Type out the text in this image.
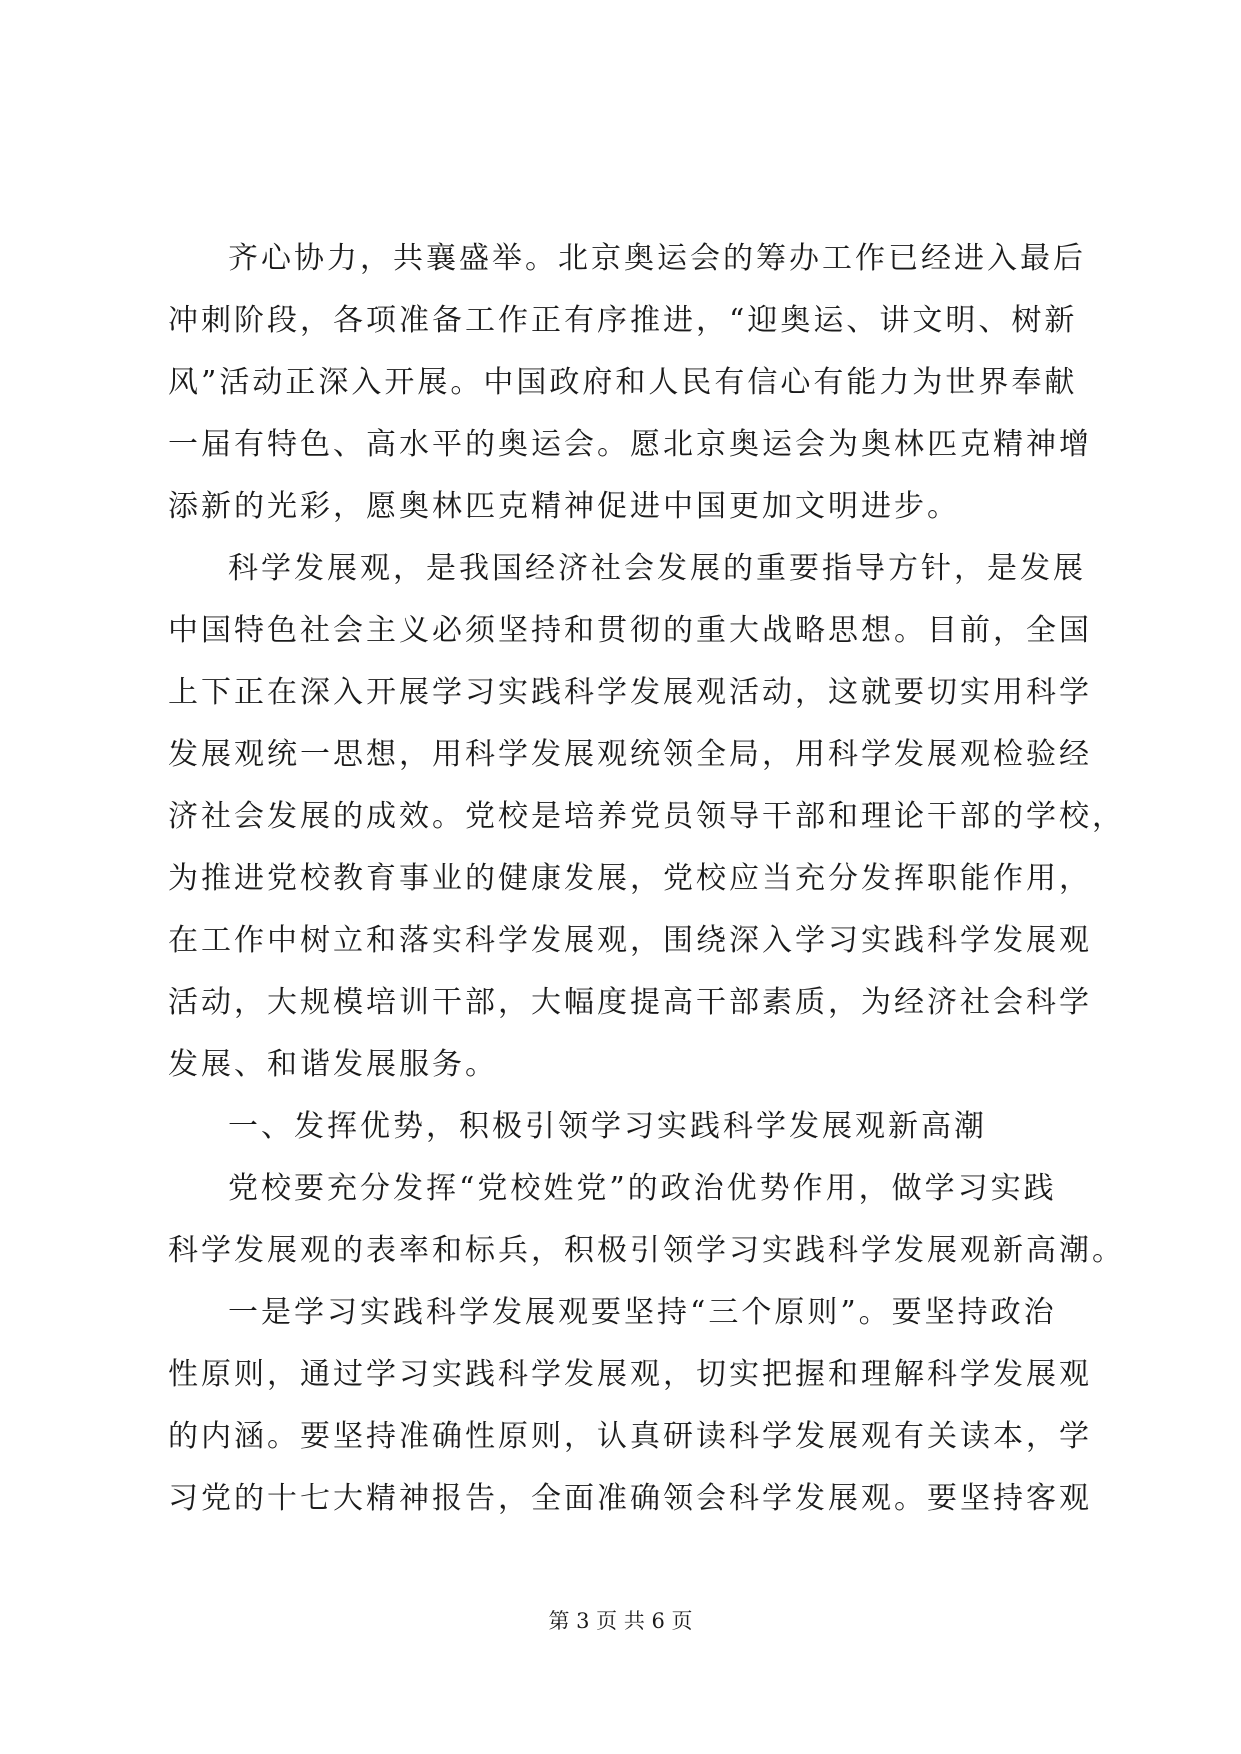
齐心协力，共襄盛举。北京奥运会的筹办工作已经进入最后
冲刺阶段，各项准备工作正有序推进，“迎奥运、讲文明、树新
风”活动正深入开展。中国政府和人民有信心有能力为世界奉献
一届有特色、高水平的奥运会。愿北京奥运会为奥林匹克精神增
添新的光彩，愿奥林匹克精神促进中国更加文明进步。
科学发展观，是我国经济社会发展的重要指导方针，是发展
中国特色社会主义必须坚持和贯彻的重大战略思想。目前，全国
上下正在深入开展学习实践科学发展观活动，这就要切实用科学
发展观统一思想，用科学发展观统领全局，用科学发展观检验经
济社会发展的成效。党校是培养党员领导干部和理论干部的学校，
为推进党校教育事业的健康发展，党校应当充分发挥职能作用，
在工作中树立和落实科学发展观，围绕深入学习实践科学发展观
活动，大规模培训干部，大幅度提高干部素质，为经济社会科学
发展、和谐发展服务。
一、发挥优势，积极引领学习实践科学发展观新高潮
党校要充分发挥“党校姓党”的政治优势作用，做学习实践
科学发展观的表率和标兵，积极引领学习实践科学发展观新高潮。
一是学习实践科学发展观要坚持“三个原则”。要坚持政治
性原则，通过学习实践科学发展观，切实把握和理解科学发展观
的内涵。要坚持准确性原则，认真研读科学发展观有关读本，学
习党的十七大精神报告，全面准确领会科学发展观。要坚持客观
第 3 页 共 6 页
